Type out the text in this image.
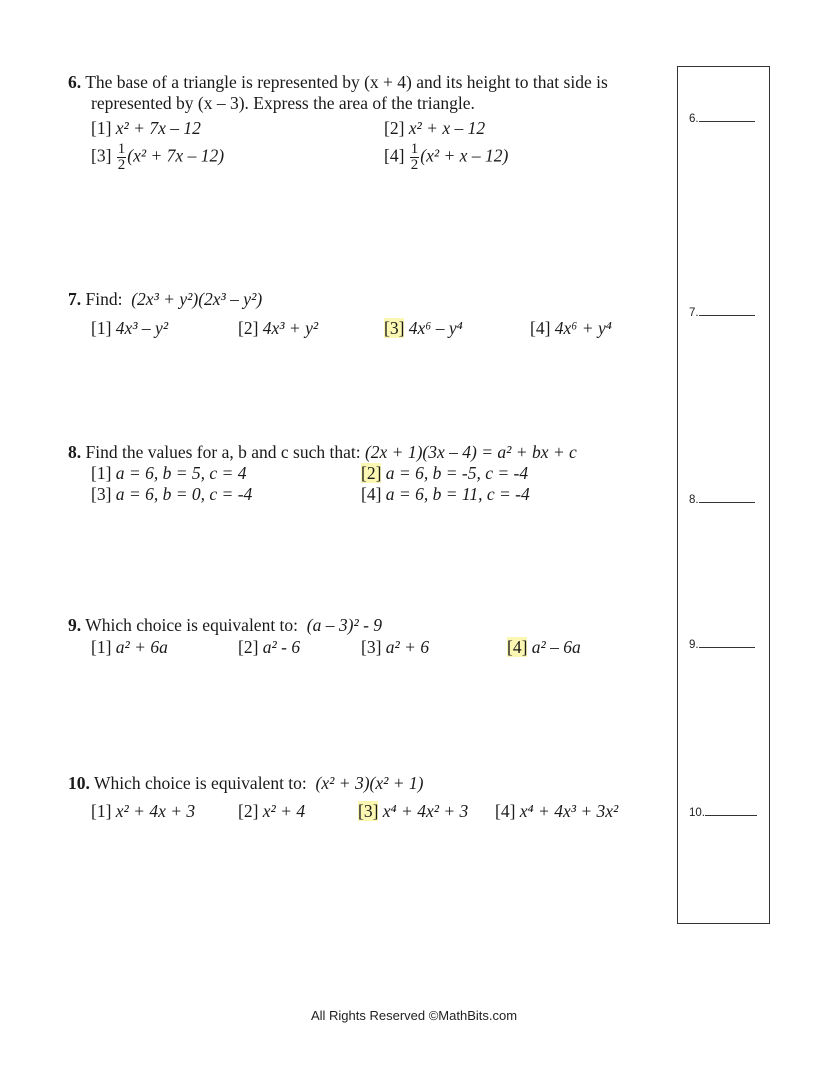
6. The base of a triangle is represented by (x + 4) and its height to that side is
represented by (x – 3). Express the area of the triangle.
[1] x² + 7x – 12	[2] x² + x – 12
$[3] \frac{1}{2} (x^2 + 7x - 12)$	$[4] \frac{1}{2} (x^2 + x - 12)$
7. Find: (2x³ + y²)(2x³ – y²)
[1] 4x³ – y²	[2] 4x³ + y²	[3] 4x⁶ – y⁴	[4] 4x⁶ + y⁴
8. Find the values for a, b and c such that: (2x + 1)(3x – 4) = a² + bx + c
[1] a = 6, b = 5, c = 4	[2] a = 6, b = -5, c = -4
[3] a = 6, b = 0, c = -4	[4] a = 6, b = 11, c = -4
9. Which choice is equivalent to: (a – 3)² - 9
[1] a² + 6a	[2] a² - 6	[3] a² + 6	[4] a² – 6a
10. Which choice is equivalent to: (x² + 3)(x² + 1)
[1] x² + 4x + 3 [2] x² + 4	[3] x⁴ + 4x² + 3 [4] x⁴ + 4x³ + 3x²
6.
7.
8.
9.
10.
All Rights Reserved ©MathBits.com
